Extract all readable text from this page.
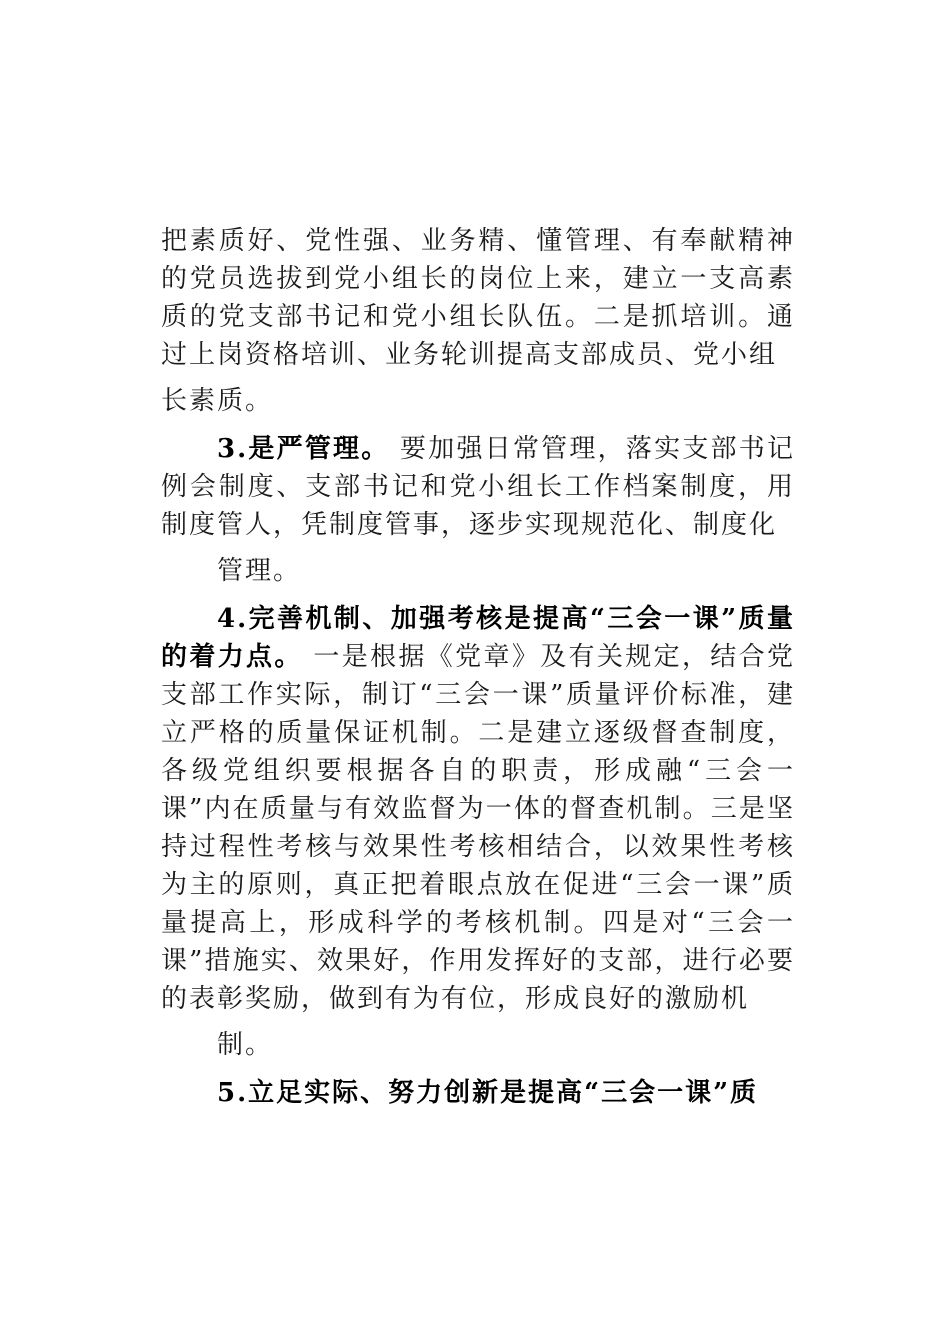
把素质好、党性强、业务精、懂管理、有奉献精神的党员选拔到党小组长的岗位上来，建立一支高素质的党支部书记和党小组长队伍。二是抓培训。通过上岗资格培训、业务轮训提高支部成员、党小组
长素质。

3.是严管理。 要加强日常管理，落实支部书记例会制度、支部书记和党小组长工作档案制度，用制度管人，凭制度管事，逐步实现规范化、制度化
管理。

4.完善机制、加强考核是提高“三会一课”质量的着力点。 一是根据《党章》及有关规定，结合党支部工作实际，制订“三会一课”质量评价标准，建立严格的质量保证机制。二是建立逐级督查制度，各级党组织要根据各自的职责，形成融“三会一课”内在质量与有效监督为一体的督查机制。三是坚持过程性考核与效果性考核相结合，以效果性考核为主的原则，真正把着眼点放在促进“三会一课”质量提高上，形成科学的考核机制。四是对“三会一课”措施实、效果好，作用发挥好的支部，进行必要的表彰奖励，做到有为有位，形成良好的激励机
制。

5.立足实际、努力创新是提高“三会一课”质
